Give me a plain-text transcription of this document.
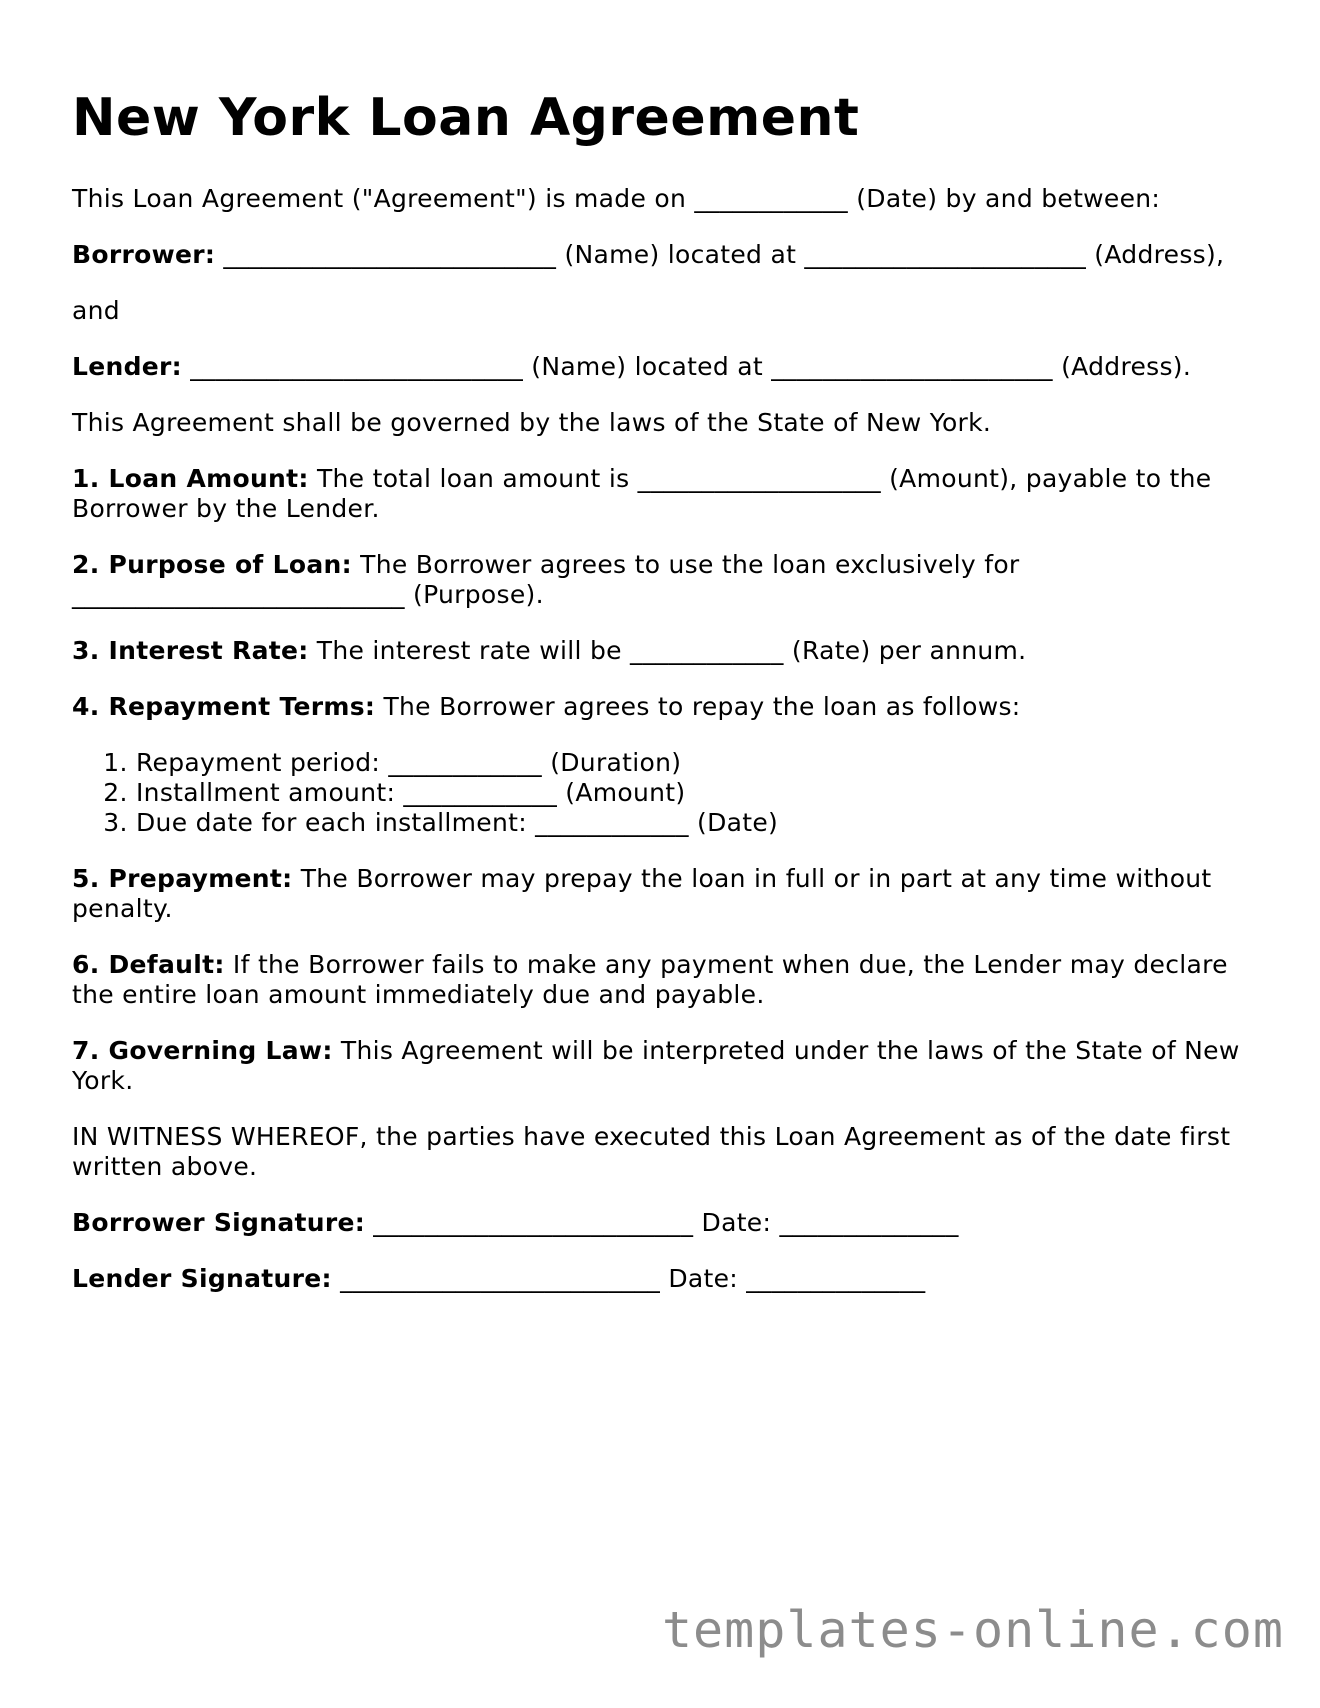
New York Loan Agreement

This Loan Agreement ("Agreement") is made on ____________ (Date) by and between:

Borrower: __________________________ (Name) located at ______________________ (Address),

and

Lender: __________________________ (Name) located at ______________________ (Address).

This Agreement shall be governed by the laws of the State of New York.

1. Loan Amount: The total loan amount is ___________________ (Amount), payable to the Borrower by the Lender.

2. Purpose of Loan: The Borrower agrees to use the loan exclusively for __________________________ (Purpose).

3. Interest Rate: The interest rate will be ____________ (Rate) per annum.

4. Repayment Terms: The Borrower agrees to repay the loan as follows:

1. Repayment period: ____________ (Duration)
2. Installment amount: ____________ (Amount)
3. Due date for each installment: ____________ (Date)

5. Prepayment: The Borrower may prepay the loan in full or in part at any time without penalty.

6. Default: If the Borrower fails to make any payment when due, the Lender may declare the entire loan amount immediately due and payable.

7. Governing Law: This Agreement will be interpreted under the laws of the State of New York.

IN WITNESS WHEREOF, the parties have executed this Loan Agreement as of the date first written above.

Borrower Signature: _________________________ Date: ______________

Lender Signature: _________________________ Date: ______________

templates-online.com
